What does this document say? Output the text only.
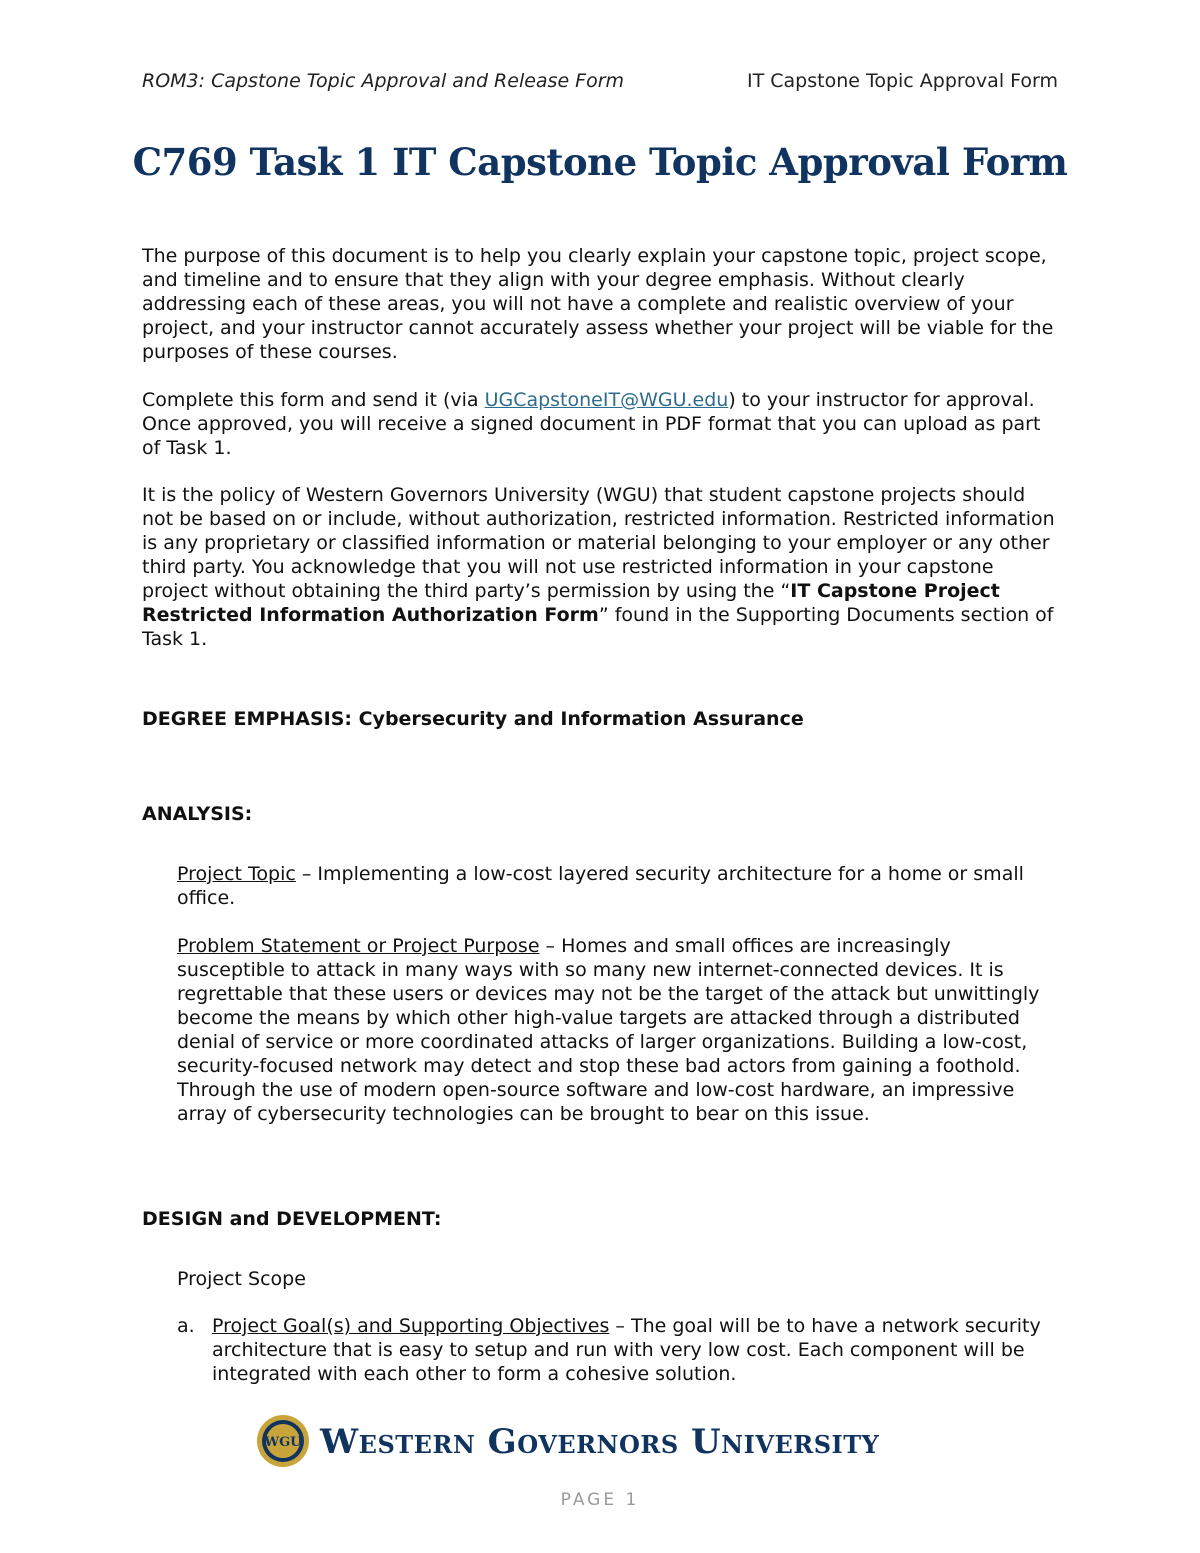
ROM3: Capstone Topic Approval and Release Form	IT Capstone Topic Approval Form
C769 Task 1 IT Capstone Topic Approval Form

The purpose of this document is to help you clearly explain your capstone topic, project scope, and timeline and to ensure that they align with your degree emphasis. Without clearly addressing each of these areas, you will not have a complete and realistic overview of your project, and your instructor cannot accurately assess whether your project will be viable for the purposes of these courses.

Complete this form and send it (via UGCapstoneIT@WGU.edu) to your instructor for approval. Once approved, you will receive a signed document in PDF format that you can upload as part of Task 1.

It is the policy of Western Governors University (WGU) that student capstone projects should not be based on or include, without authorization, restricted information. Restricted information is any proprietary or classified information or material belonging to your employer or any other third party. You acknowledge that you will not use restricted information in your capstone project without obtaining the third party’s permission by using the “IT Capstone Project Restricted Information Authorization Form” found in the Supporting Documents section of Task 1.

DEGREE EMPHASIS: Cybersecurity and Information Assurance
ANALYSIS:

Project Topic – Implementing a low-cost layered security architecture for a home or small office.

Problem Statement or Project Purpose – Homes and small offices are increasingly susceptible to attack in many ways with so many new internet-connected devices. It is regrettable that these users or devices may not be the target of the attack but unwittingly become the means by which other high-value targets are attacked through a distributed denial of service or more coordinated attacks of larger organizations. Building a low-cost, security-focused network may detect and stop these bad actors from gaining a foothold. Through the use of modern open-source software and low-cost hardware, an impressive array of cybersecurity technologies can be brought to bear on this issue.

DESIGN and DEVELOPMENT:

Project Scope

a. Project Goal(s) and Supporting Objectives – The goal will be to have a network security architecture that is easy to setup and run with very low cost. Each component will be integrated with each other to form a cohesive solution.

WGU Western Governors University
PAGE 1
